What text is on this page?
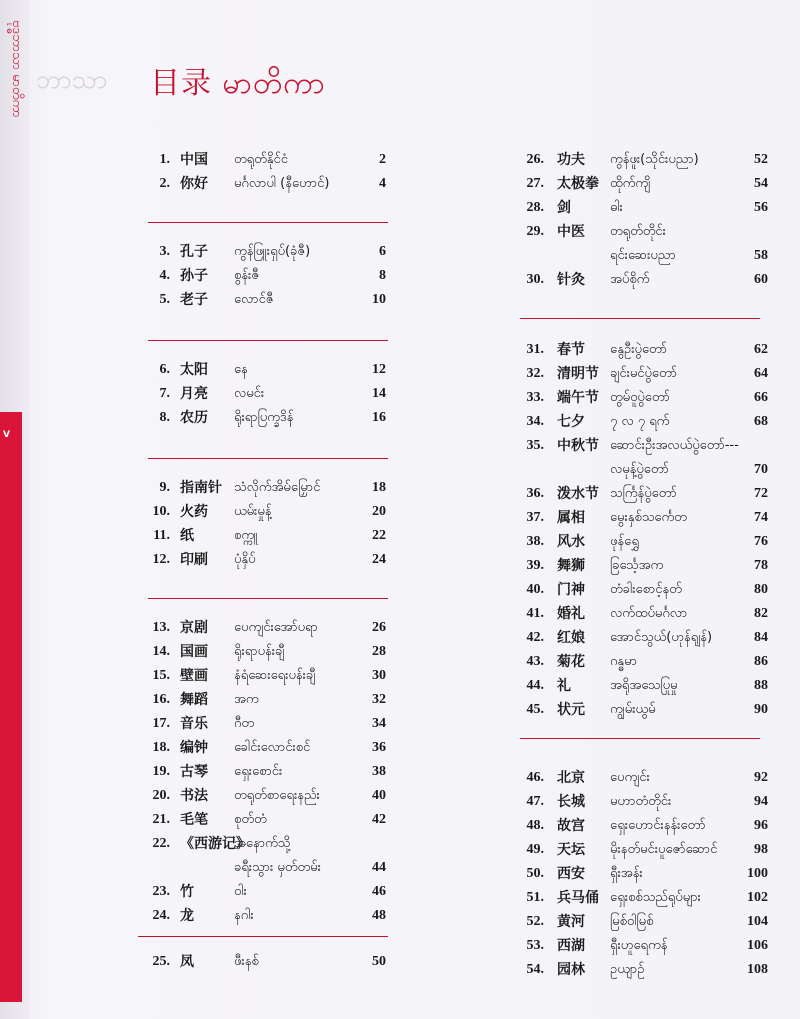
ဗုဒ္ဓဘာသာ မာတိကာ
V
ဘာသာ 目录 မာတိကာ
1. 中国 တရုတ်နိုင်ငံ	2
2. 你好 မင်္ဂလာပါ (နီဟောင်)	4
3. 孔子 ကွန်ဖြူးရှပ်(ခုံဇီ)	6
4. 孙子 စွန်းဇီ	8
5. 老子 လောင်ဇီ	10
6. 太阳 နေ	12
7. 月亮 လမင်း	14
8. 农历 ရိုးရာပြက္ခဒိန်	16
9. 指南针 သံလိုက်အိမ်မြှောင်	18
10. 火药 ယမ်းမှုန့်	20
11. 纸	စက္ကူ	22
12. 印刷 ပုံနှိပ်	24
13. 京剧 ပေကျင်းအော်ပရာ	26
14. 国画 ရိုးရာပန်းချီ	28
15. 壁画 နံရံဆေးရေးပန်းချီ	30
16. 舞蹈 အက	32
17. 音乐 ဂီတ	34
18. 编钟 ခေါင်းလောင်းစင်	36
19. 古琴 ရှေးစောင်း	38
20. 书法 တရုတ်စာရေးနည်း	40
21. 毛笔 စုတ်တံ	42
22. 《西游记》
အနောက်သို့
ခရီးသွား မှတ်တမ်း	44
23. 竹	ဝါး	46
24. 龙	နဂါး	48
25. 凤	ဖီးနစ်	50
26. 功夫 ကွန်ဖူး(သိုင်းပညာ)	52
27. 太极拳 ထိုက်ကျိ	54
28. 剑	ဓါး	56
29. 中医 တရုတ်တိုင်း
ရင်းဆေးပညာ	58
30. 针灸 အပ်စိုက်	60
31. 春节 နွေဦးပွဲတော်	62
32. 清明节 ချင်းမင်ပွဲတော်	64
33. 端午节 တွမ်ဝူပွဲတော်	66
34. 七夕 ၇ လ ၇ ရက်	68
35. 中秋节 ဆောင်းဦးအလယ်ပွဲတော်---
လမုန့်ပွဲတော်	70
36. 泼水节 သင်္ကြန်ပွဲတော်	72
37. 属相 မွေးနှစ်သင်္ကေတ	74
38. 风水 ဖုန်ရွှေ	76
39. 舞狮 ခြင်္သေ့အက	78
40. 门神 တံခါးစောင့်နတ်	80
41. 婚礼 လက်ထပ်မင်္ဂလာ	82
42. 红娘 အောင်သွယ်(ဟုန်ရျန်)	84
43. 菊花 ဂန္ဓမာ	86
44. 礼	အရိုအသေပြုမှု	88
45. 状元 ကျွမ်းယွမ်	90
46. 北京 ပေကျင်း	92
47. 长城 မဟာတံတိုင်း	94
48. 故宫 ရှေးဟောင်းနန်းတော်	96
49. 天坛 မိုးနတ်မင်းပူဇော်ဆောင်	98
50. 西安 ရှီးအန်း	100
51. 兵马俑 ရှေးစစ်သည်ရုပ်များ	102
52. 黄河 မြစ်ဝါမြစ်	104
53. 西湖 ရှီးဟူရေကန်	106
54. 园林 ဥယျာဉ်	108
